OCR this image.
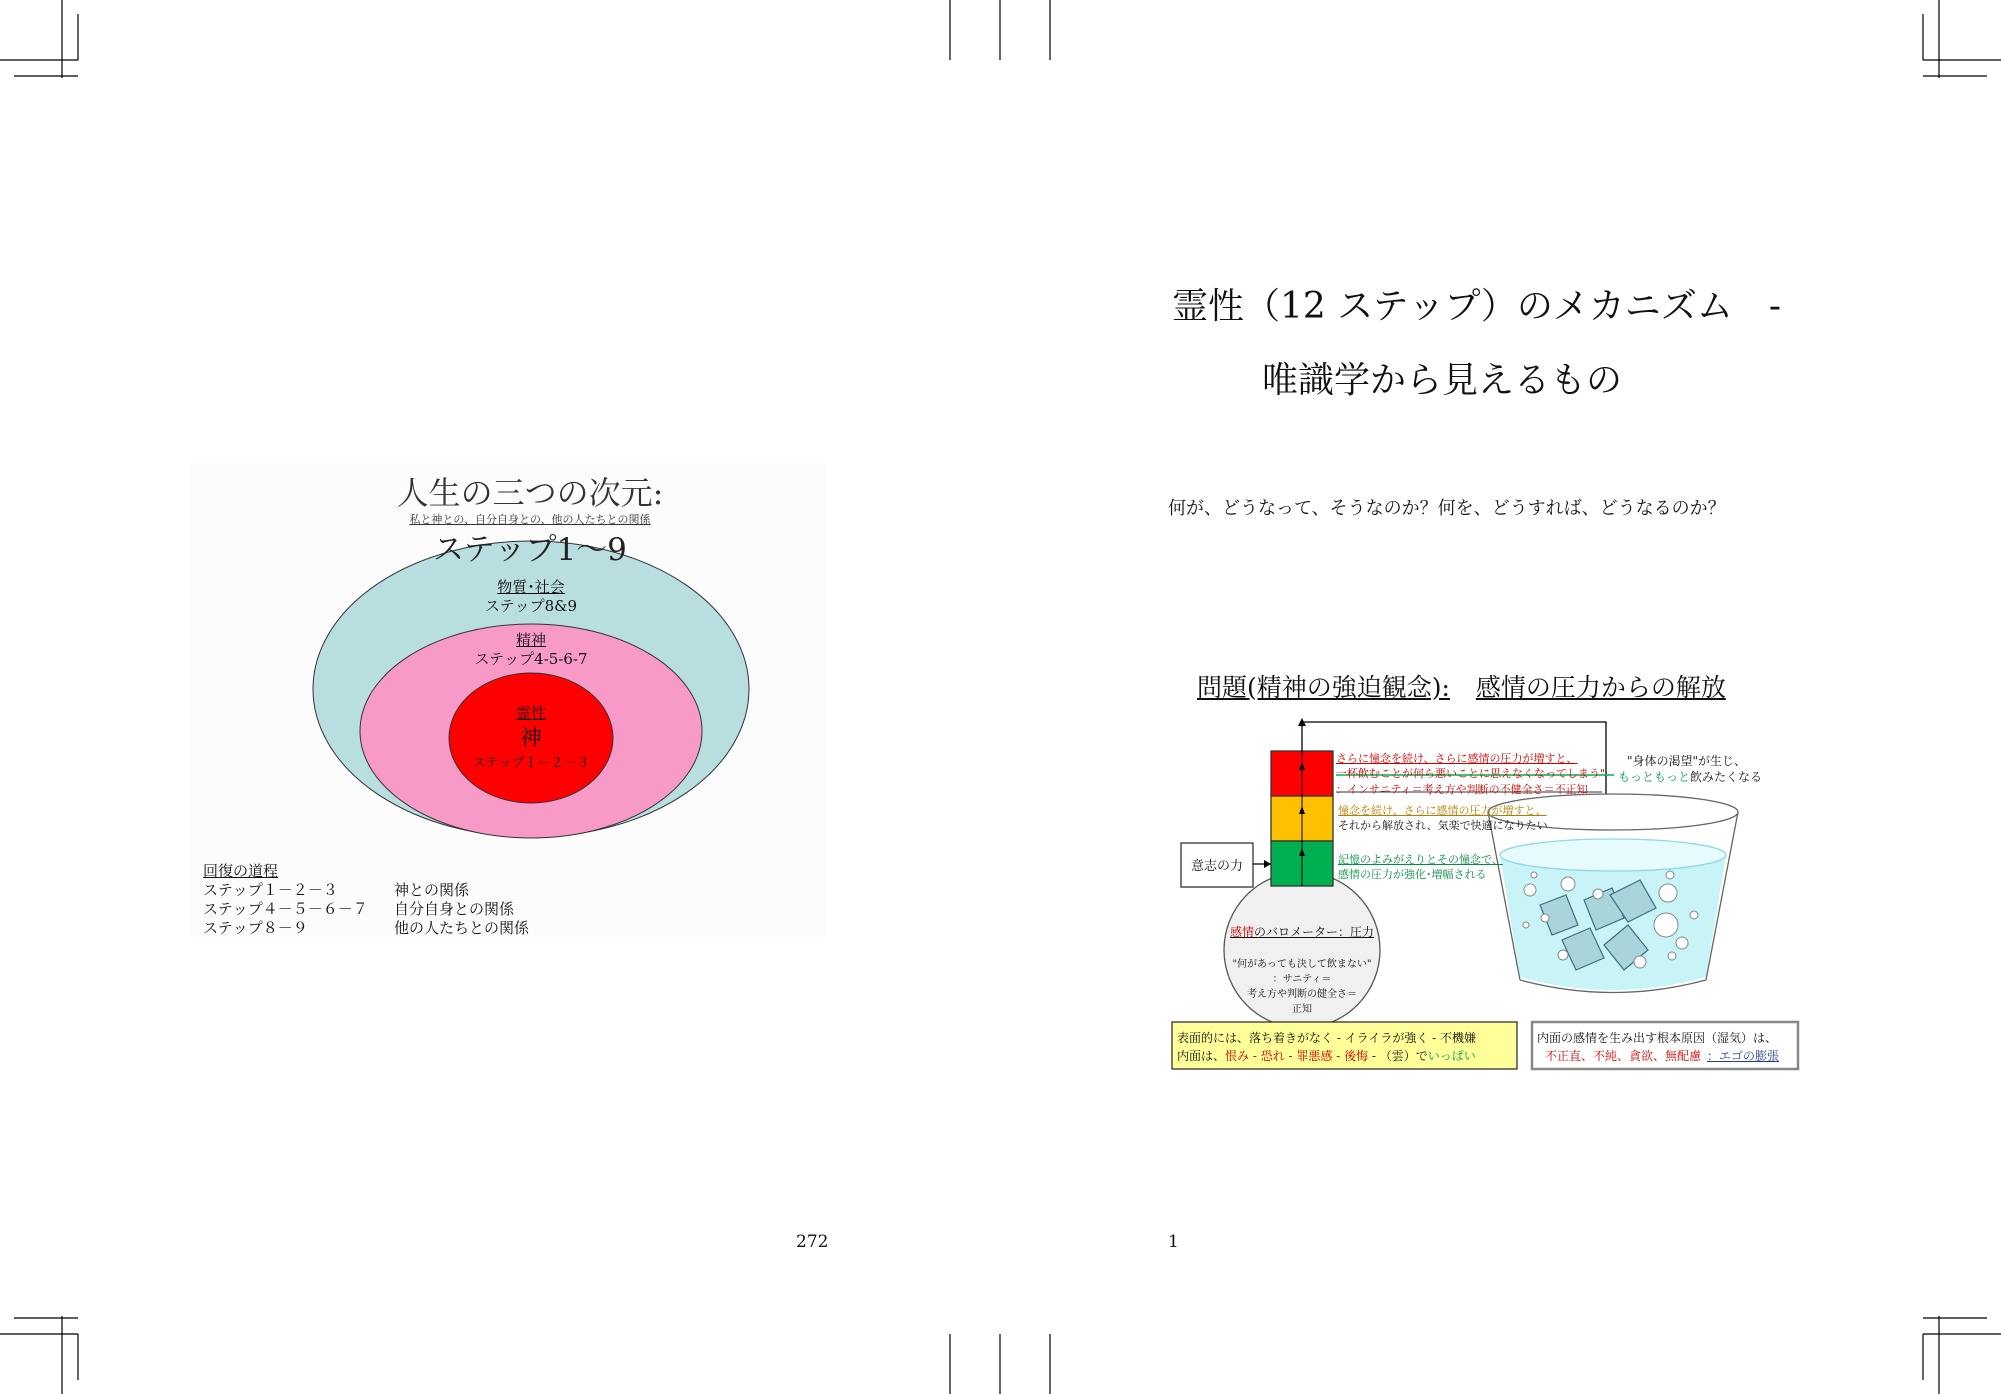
人生の三つの次元:
私と神との、自分自身との、他の人たちとの関係
ステップ1～9
物質･社会
ステップ8&9
精神
ステップ4-5-6-7
霊性
神
ステップ１－２－３
回復の道程
ステップ１－２－３	神との関係
ステップ４－５－６－７ 自分自身との関係
ステップ８－９	他の人たちとの関係
272
霊性（12 ステップ）のメカニズム　-
唯識学から見えるもの
何が、どうなって、そうなのか？何を、どうすれば、どうなるのか？
問題(精神の強迫観念): 感情の圧力からの解放
さらに憧念を続け、さらに感情の圧力が増すと、
一杯飲むことが何ら悪いことに思えなくなってしまう"
：インサニティ＝考え方や判断の不健全さ＝不正知
"身体の渇望"が生じ、
もっともっと飲みたくなる
憧念を続け、さらに感情の圧力が増すと、
それから解放され、気楽で快適になりたい
記憶のよみがえりとその憧念で、
感情の圧力が強化･増幅される
意志の力
感情のバロメーター：圧力
"何があっても決して飲まない"
：サニティ＝
考え方や判断の健全さ＝
正知
表面的には、落ち着きがなく - イライラが強く - 不機嫌
内面は、恨み - 恐れ - 罪悪感 - 後悔 - （雲）でいっぱい
内面の感情を生み出す根本原因（湿気）は、
不正直、不純、貪欲、無配慮 ：エゴの膨張
1
